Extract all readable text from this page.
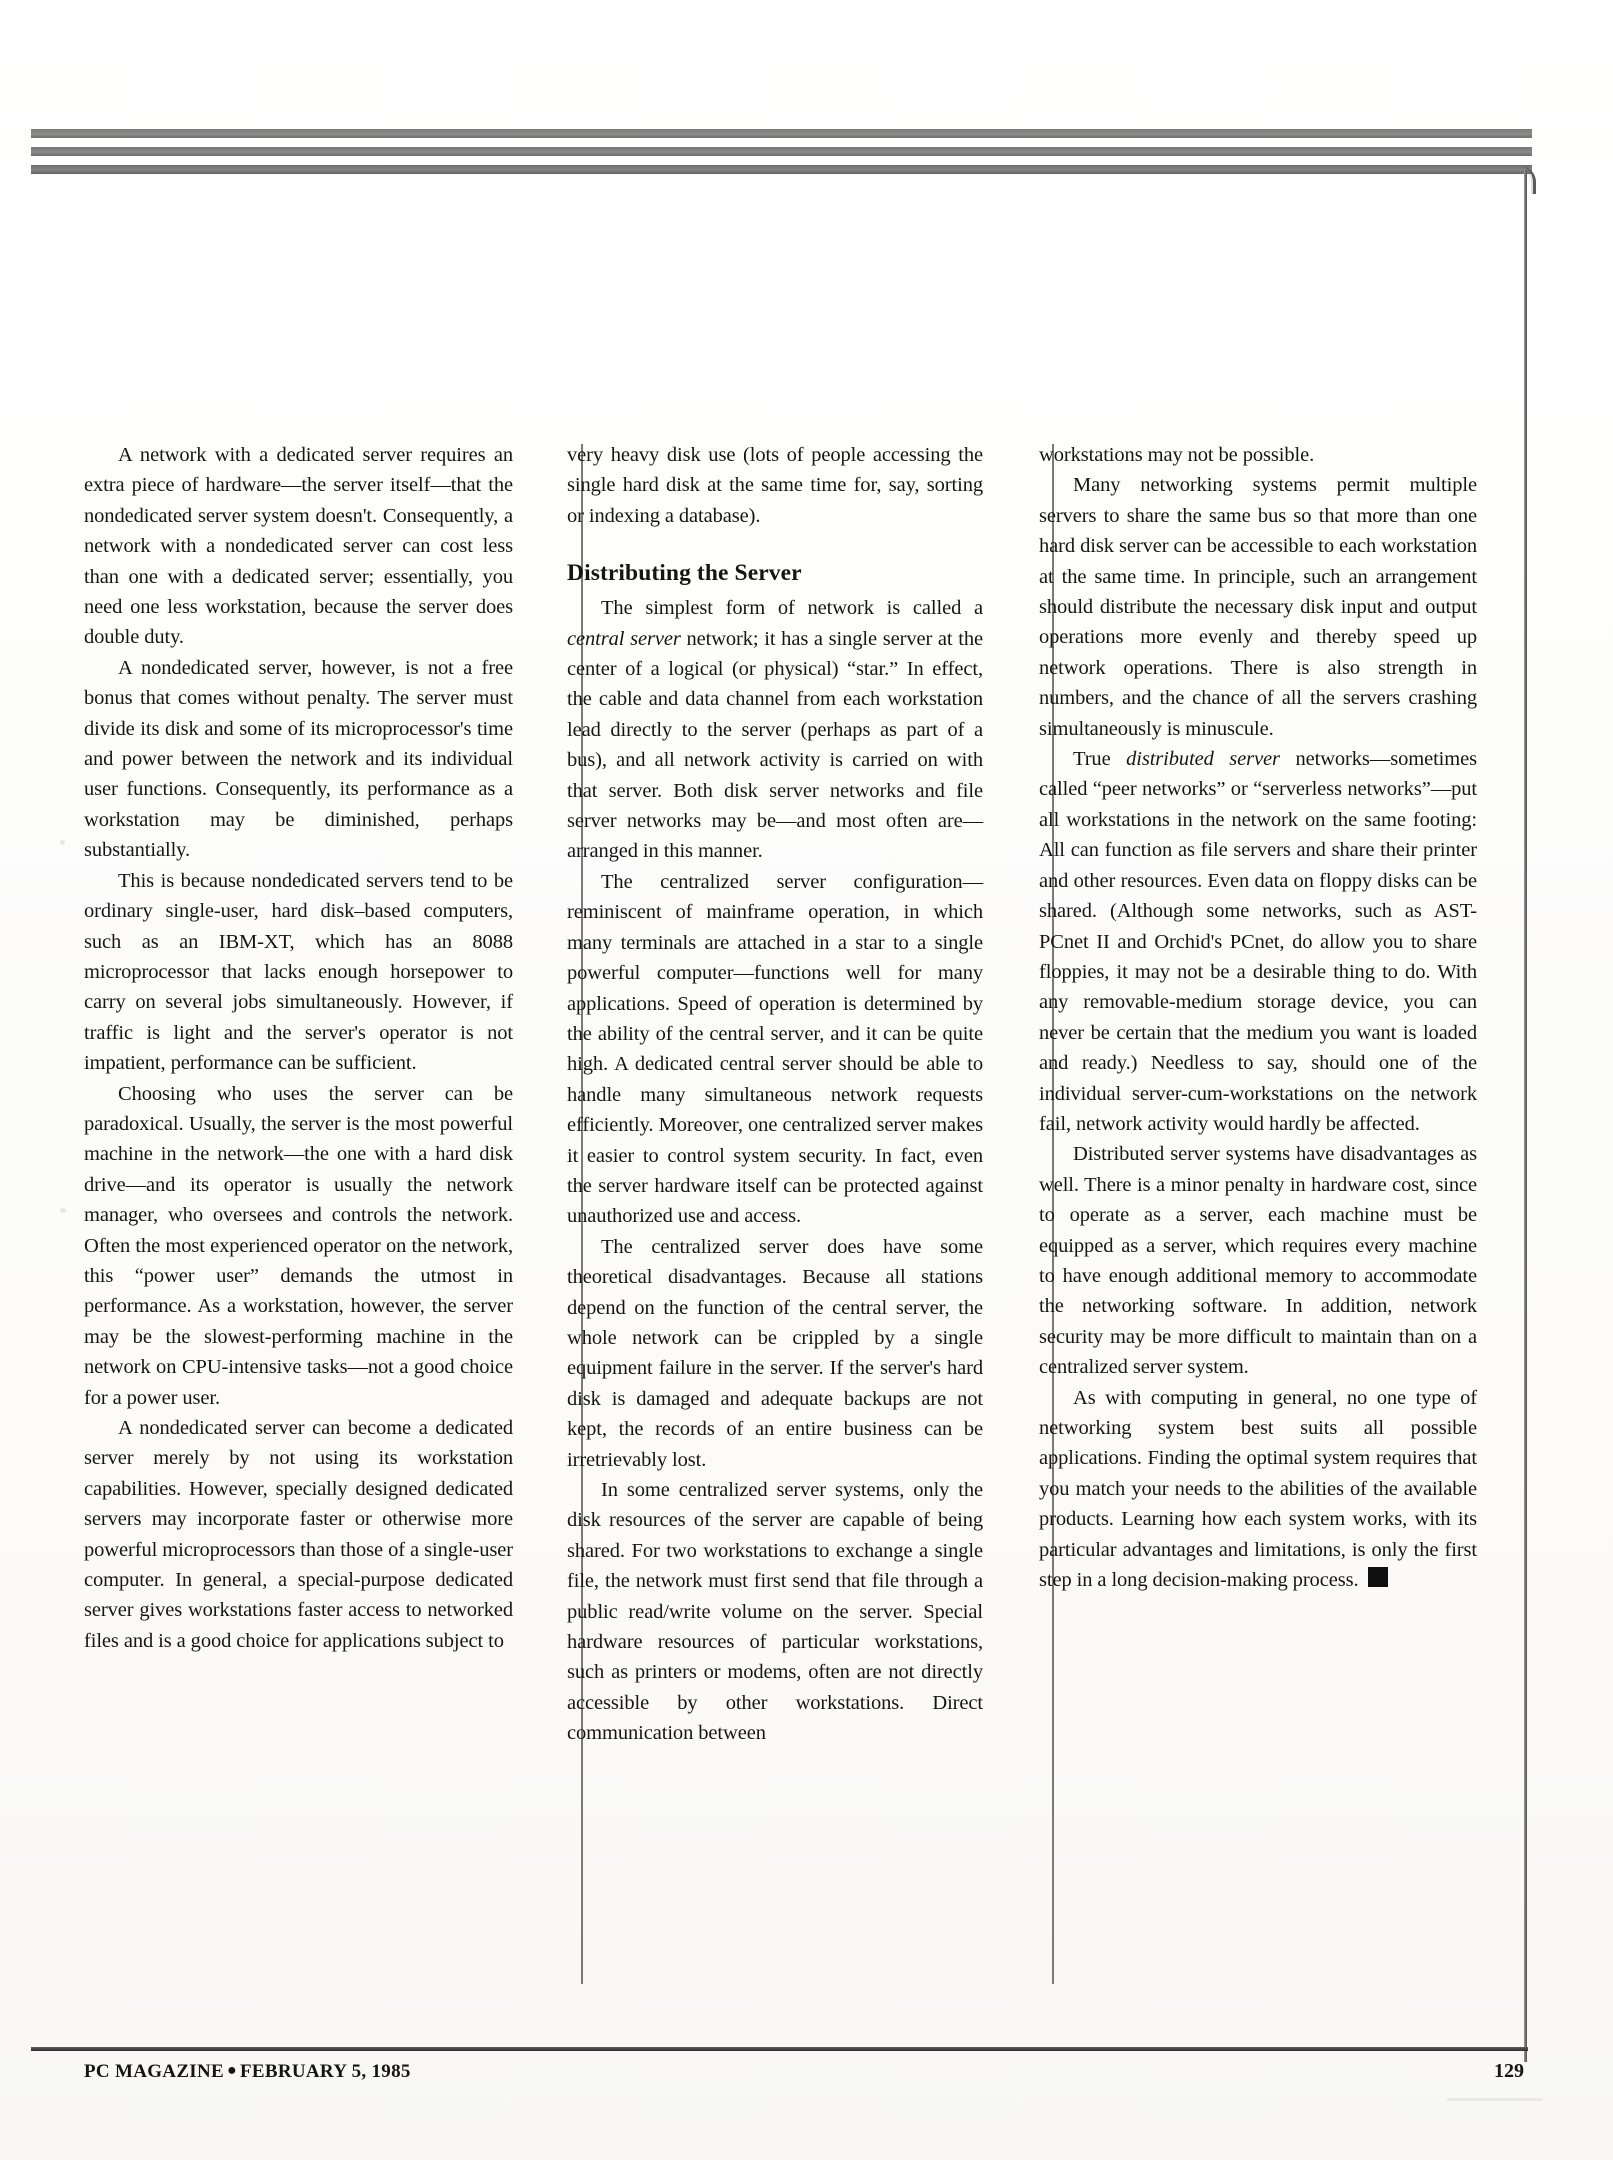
A network with a dedicated server requires an extra piece of hardware—the server itself—that the nondedicated server system doesn't. Consequently, a network with a nondedicated server can cost less than one with a dedicated server; essentially, you need one less workstation, because the server does double duty.

A nondedicated server, however, is not a free bonus that comes without penalty. The server must divide its disk and some of its microprocessor's time and power between the network and its individual user functions. Consequently, its performance as a workstation may be diminished, perhaps substantially.

This is because nondedicated servers tend to be ordinary single-user, hard disk–based computers, such as an IBM-XT, which has an 8088 microprocessor that lacks enough horsepower to carry on several jobs simultaneously. However, if traffic is light and the server's operator is not impatient, performance can be sufficient.

Choosing who uses the server can be paradoxical. Usually, the server is the most powerful machine in the network—the one with a hard disk drive—and its operator is usually the network manager, who oversees and controls the network. Often the most experienced operator on the network, this “power user” demands the utmost in performance. As a workstation, however, the server may be the slowest-performing machine in the network on CPU-intensive tasks—not a good choice for a power user.

A nondedicated server can become a dedicated server merely by not using its workstation capabilities. However, specially designed dedicated servers may incorporate faster or otherwise more powerful microprocessors than those of a single-user computer. In general, a special-purpose dedicated server gives workstations faster access to networked files and is a good choice for applications subject to

very heavy disk use (lots of people accessing the single hard disk at the same time for, say, sorting or indexing a database).

Distributing the Server

The simplest form of network is called a central server network; it has a single server at the center of a logical (or physical) “star.” In effect, the cable and data channel from each workstation lead directly to the server (perhaps as part of a bus), and all network activity is carried on with that server. Both disk server networks and file server networks may be—and most often are—arranged in this manner.

The centralized server configuration—reminiscent of mainframe operation, in which many terminals are attached in a star to a single powerful computer—functions well for many applications. Speed of operation is determined by the ability of the central server, and it can be quite high. A dedicated central server should be able to handle many simultaneous network requests efficiently. Moreover, one centralized server makes it easier to control system security. In fact, even the server hardware itself can be protected against unauthorized use and access.

The centralized server does have some theoretical disadvantages. Because all stations depend on the function of the central server, the whole network can be crippled by a single equipment failure in the server. If the server's hard disk is damaged and adequate backups are not kept, the records of an entire business can be irretrievably lost.

In some centralized server systems, only the disk resources of the server are capable of being shared. For two workstations to exchange a single file, the network must first send that file through a public read/write volume on the server. Special hardware resources of particular workstations, such as printers or modems, often are not directly accessible by other workstations. Direct communication between

workstations may not be possible.

Many networking systems permit multiple servers to share the same bus so that more than one hard disk server can be accessible to each workstation at the same time. In principle, such an arrangement should distribute the necessary disk input and output operations more evenly and thereby speed up network operations. There is also strength in numbers, and the chance of all the servers crashing simultaneously is minuscule.

True distributed server networks—sometimes called “peer networks” or “serverless networks”—put all workstations in the network on the same footing: All can function as file servers and share their printer and other resources. Even data on floppy disks can be shared. (Although some networks, such as AST-PCnet II and Orchid's PCnet, do allow you to share floppies, it may not be a desirable thing to do. With any removable-medium storage device, you can never be certain that the medium you want is loaded and ready.) Needless to say, should one of the individual server-cum-workstations on the network fail, network activity would hardly be affected.

Distributed server systems have disadvantages as well. There is a minor penalty in hardware cost, since to operate as a server, each machine must be equipped as a server, which requires every machine to have enough additional memory to accommodate the networking software. In addition, network security may be more difficult to maintain than on a centralized server system.

As with computing in general, no one type of networking system best suits all possible applications. Finding the optimal system requires that you match your needs to the abilities of the available products. Learning how each system works, with its particular advantages and limitations, is only the first step in a long decision-making process.

PC MAGAZINE ● FEBRUARY 5, 1985	129
